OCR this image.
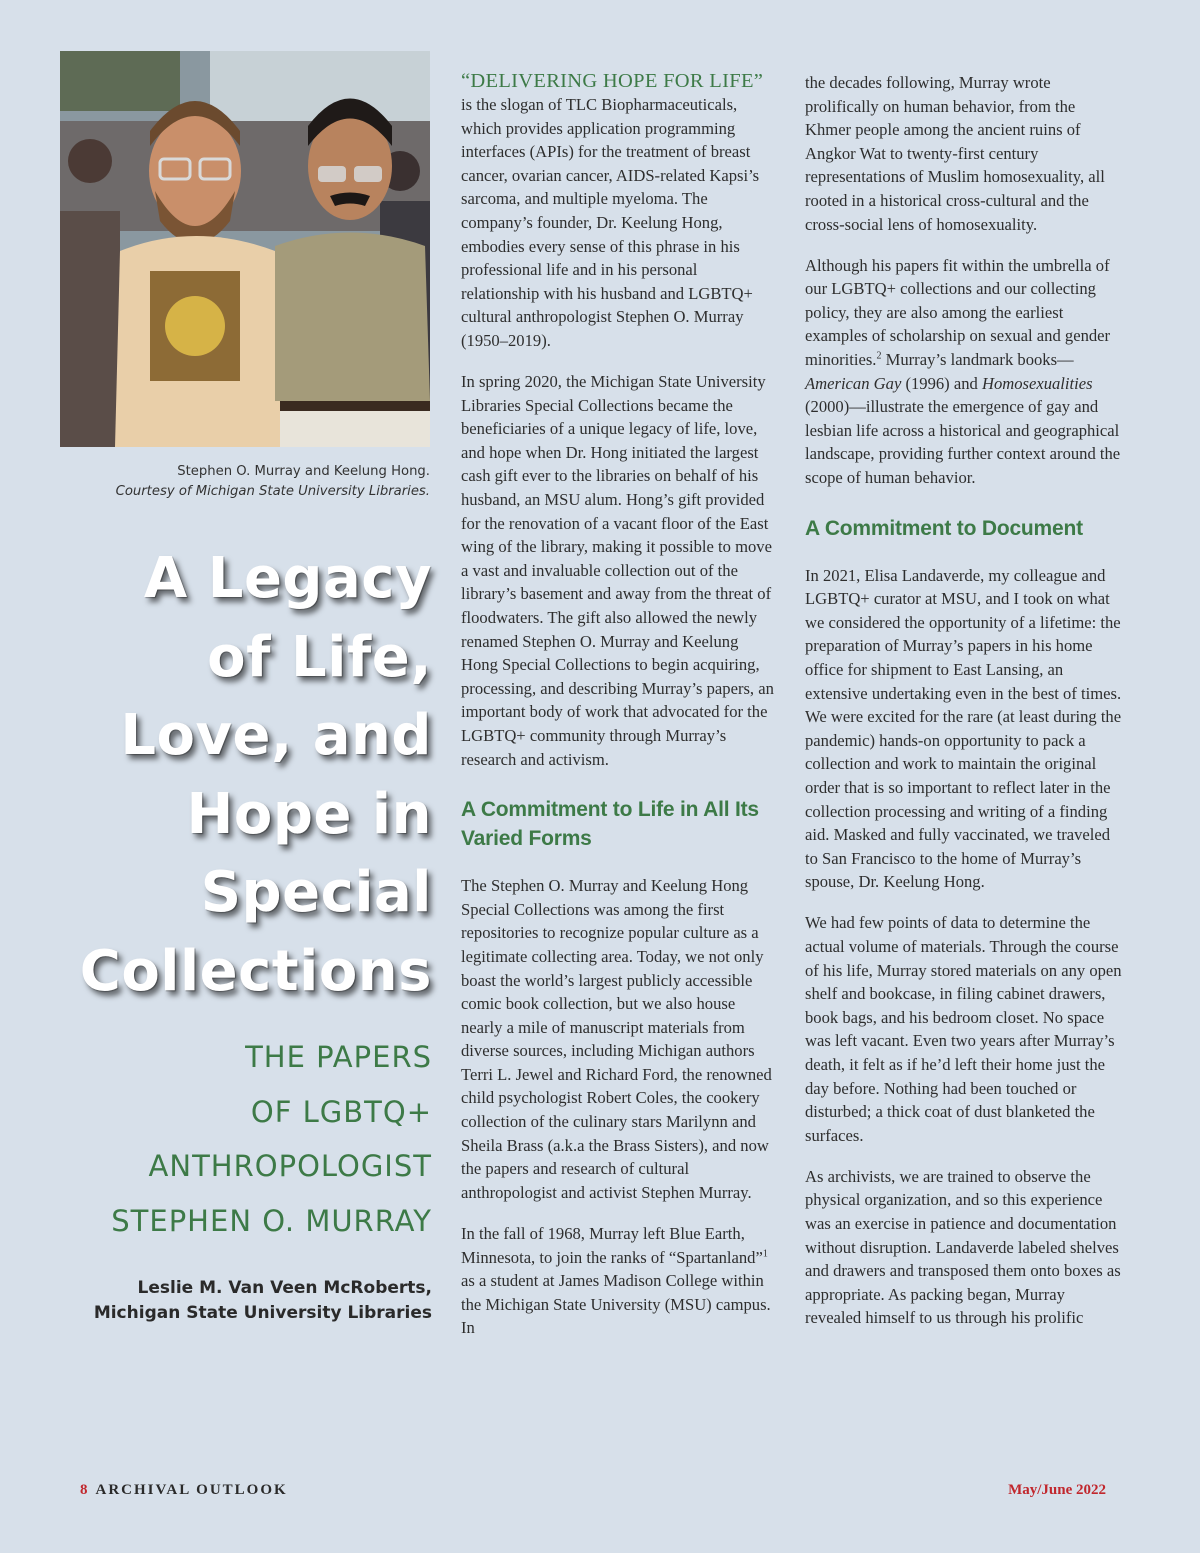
Stephen O. Murray and Keelung Hong.
Courtesy of Michigan State University Libraries.
A Legacy
of Life,
Love, and
Hope in
Special
Collections
THE PAPERS
OF LGBTQ+
ANTHROPOLOGIST
STEPHEN O. MURRAY
Leslie M. Van Veen McRoberts,
Michigan State University Libraries

“DELIVERING HOPE FOR LIFE”
is the slogan of TLC Biopharmaceuticals, which provides application programming interfaces (APIs) for the treatment of breast cancer, ovarian cancer, AIDS-related Kapsi’s sarcoma, and multiple myeloma. The company’s founder, Dr. Keelung Hong, embodies every sense of this phrase in his professional life and in his personal relationship with his husband and LGBTQ+ cultural anthropologist Stephen O. Murray (1950–2019).

In spring 2020, the Michigan State University Libraries Special Collections became the beneficiaries of a unique legacy of life, love, and hope when Dr. Hong initiated the largest cash gift ever to the libraries on behalf of his husband, an MSU alum. Hong’s gift provided for the renovation of a vacant floor of the East wing of the library, making it possible to move a vast and invaluable collection out of the library’s basement and away from the threat of floodwaters. The gift also allowed the newly renamed Stephen O. Murray and Keelung Hong Special Collections to begin acquiring, processing, and describing Murray’s papers, an important body of work that advocated for the LGBTQ+ community through Murray’s research and activism.

A Commitment to Life in All Its Varied Forms

The Stephen O. Murray and Keelung Hong Special Collections was among the first repositories to recognize popular culture as a legitimate collecting area. Today, we not only boast the world’s largest publicly accessible comic book collection, but we also house nearly a mile of manuscript materials from diverse sources, including Michigan authors Terri L. Jewel and Richard Ford, the renowned child psychologist Robert Coles, the cookery collection of the culinary stars Marilynn and Sheila Brass (a.k.a the Brass Sisters), and now the papers and research of cultural anthropologist and activist Stephen Murray.

In the fall of 1968, Murray left Blue Earth, Minnesota, to join the ranks of “Spartanland”$^1$ as a student at James Madison College within the Michigan State University (MSU) campus. In

the decades following, Murray wrote prolifically on human behavior, from the Khmer people among the ancient ruins of Angkor Wat to twenty-first century representations of Muslim homosexuality, all rooted in a historical cross-cultural and the cross-social lens of homosexuality.

Although his papers fit within the umbrella of our LGBTQ+ collections and our collecting policy, they are also among the earliest examples of scholarship on sexual and gender minorities.$^2$ Murray’s landmark books—American Gay (1996) and Homosexualities (2000)—illustrate the emergence of gay and lesbian life across a historical and geographical landscape, providing further context around the scope of human behavior.

A Commitment to Document

In 2021, Elisa Landaverde, my colleague and LGBTQ+ curator at MSU, and I took on what we considered the opportunity of a lifetime: the preparation of Murray’s papers in his home office for shipment to East Lansing, an extensive undertaking even in the best of times. We were excited for the rare (at least during the pandemic) hands-on opportunity to pack a collection and work to maintain the original order that is so important to reflect later in the collection processing and writing of a finding aid. Masked and fully vaccinated, we traveled to San Francisco to the home of Murray’s spouse, Dr. Keelung Hong.

We had few points of data to determine the actual volume of materials. Through the course of his life, Murray stored materials on any open shelf and bookcase, in filing cabinet drawers, book bags, and his bedroom closet. No space was left vacant. Even two years after Murray’s death, it felt as if he’d left their home just the day before. Nothing had been touched or disturbed; a thick coat of dust blanketed the surfaces.

As archivists, we are trained to observe the physical organization, and so this experience was an exercise in patience and documentation without disruption. Landaverde labeled shelves and drawers and transposed them onto boxes as appropriate. As packing began, Murray revealed himself to us through his prolific

8 ARCHIVAL OUTLOOK	May/June 2022
